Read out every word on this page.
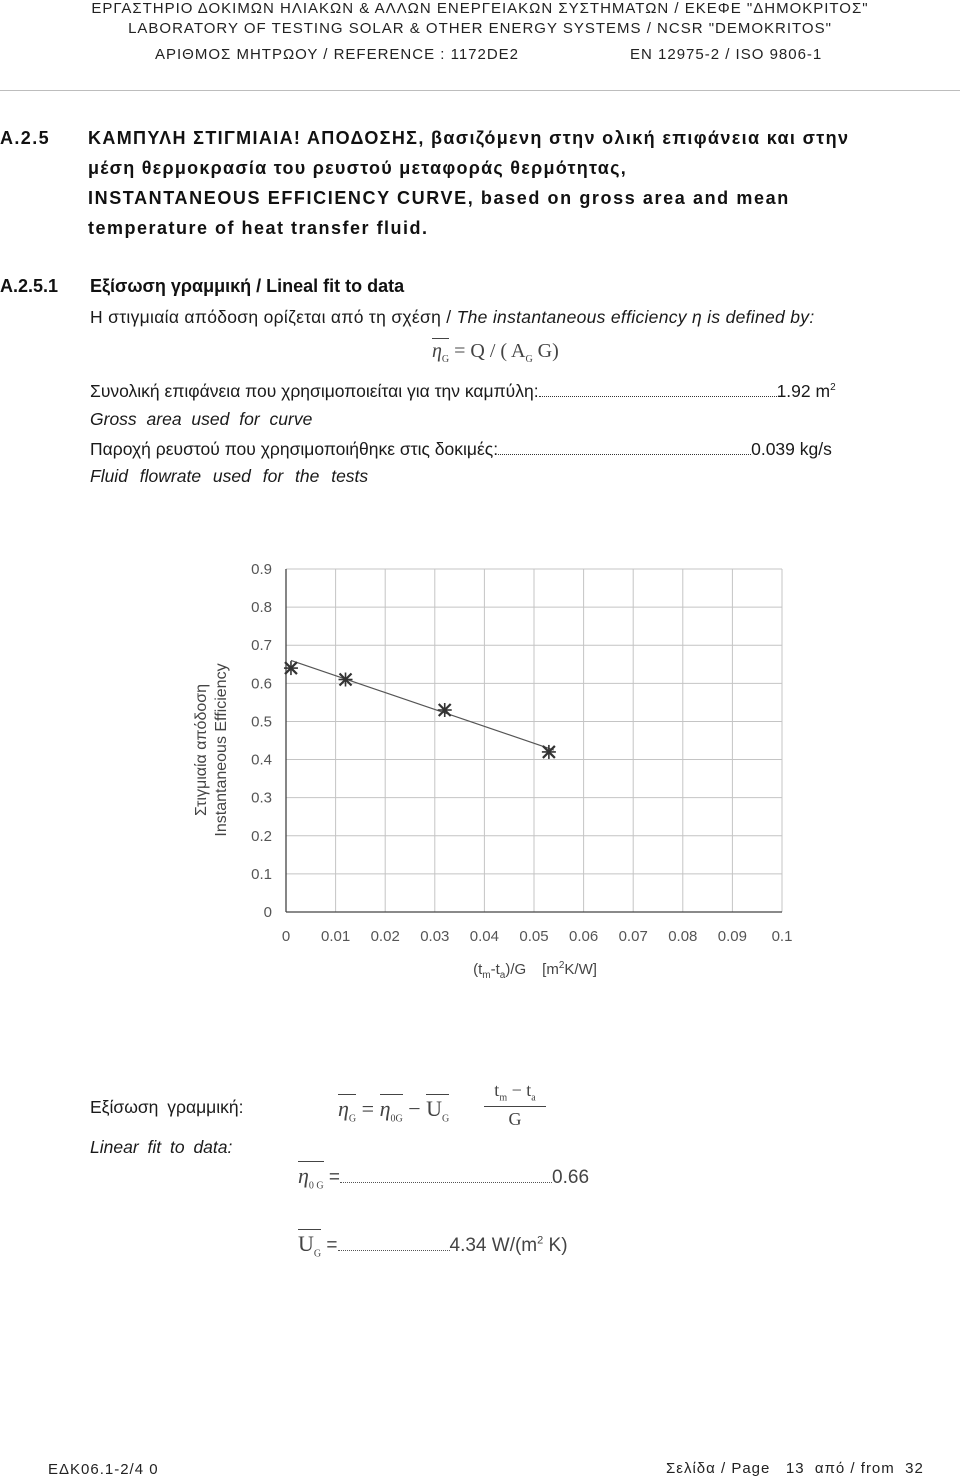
ΕΡΓΑΣΤΗΡΙΟ ΔΟΚΙΜΩΝ ΗΛΙΑΚΩΝ & ΑΛΛΩΝ ΕΝΕΡΓΕΙΑΚΩΝ ΣΥΣΤΗΜΑΤΩΝ / ΕΚΕΦΕ "ΔΗΜΟΚΡΙΤΟΣ"
LABORATORY OF TESTING SOLAR & OTHER ENERGY SYSTEMS / NCSR "DEMOKRITOS"
ΑΡΙΘΜΟΣ ΜΗΤΡΩΟΥ / REFERENCE : 1172DE2	EN 12975-2 / ISO 9806-1
A.2.5 ΚΑΜΠΥΛΗ ΣΤΙΓΜΙΑΙΑ! ΑΠΟΔΟΣΗΣ, βασιζόμενη στην ολική επιφάνεια και στην
μέση θερμοκρασία του ρευστού μεταφοράς θερμότητας,
INSTANTANEOUS EFFICIENCY CURVE, based on gross area and mean
temperature of heat transfer fluid.
A.2.5.1 Εξίσωση γραμμική / Lineal fit to data
Η στιγμιαία απόδοση ορίζεται από τη σχέση / The instantaneous efficiency η is defined by:
$\eta_G = Q$ / ( $A_G$ G)
Συνολική επιφάνεια που χρησιμοποιείται για την καμπύλη:	1.92 $m^2$
Gross area used for curve
Παροχή ρευστού που χρησιμοποιήθηκε στις δοκιμές:	0.039 kg/s
Fluid flowrate used for the tests
0 0.01 0.02 0.03 0.04 0.05 0.06 0.07 0.08 0.09 0.1
0
0.1
0.2
0.3
0.4
0.5
0.6
0.7
0.8
0.9
Στιγμιαία απόδοση Instantaneous Efficiency
$(t_m-t_a)/G$ $[m^2K/W]$
Εξίσωση γραμμική:
Linear fit to data:
$\eta_G = \eta_{0G} - U_G \frac{t_m - t_a}{G}$
$\eta_{0 G}$ =	0.66
$U_G$ =	4.34 $W/(m^2$ K)
ΕΔΚ06.1-2/4 0	Σελίδα / Page 13 από / from 32
